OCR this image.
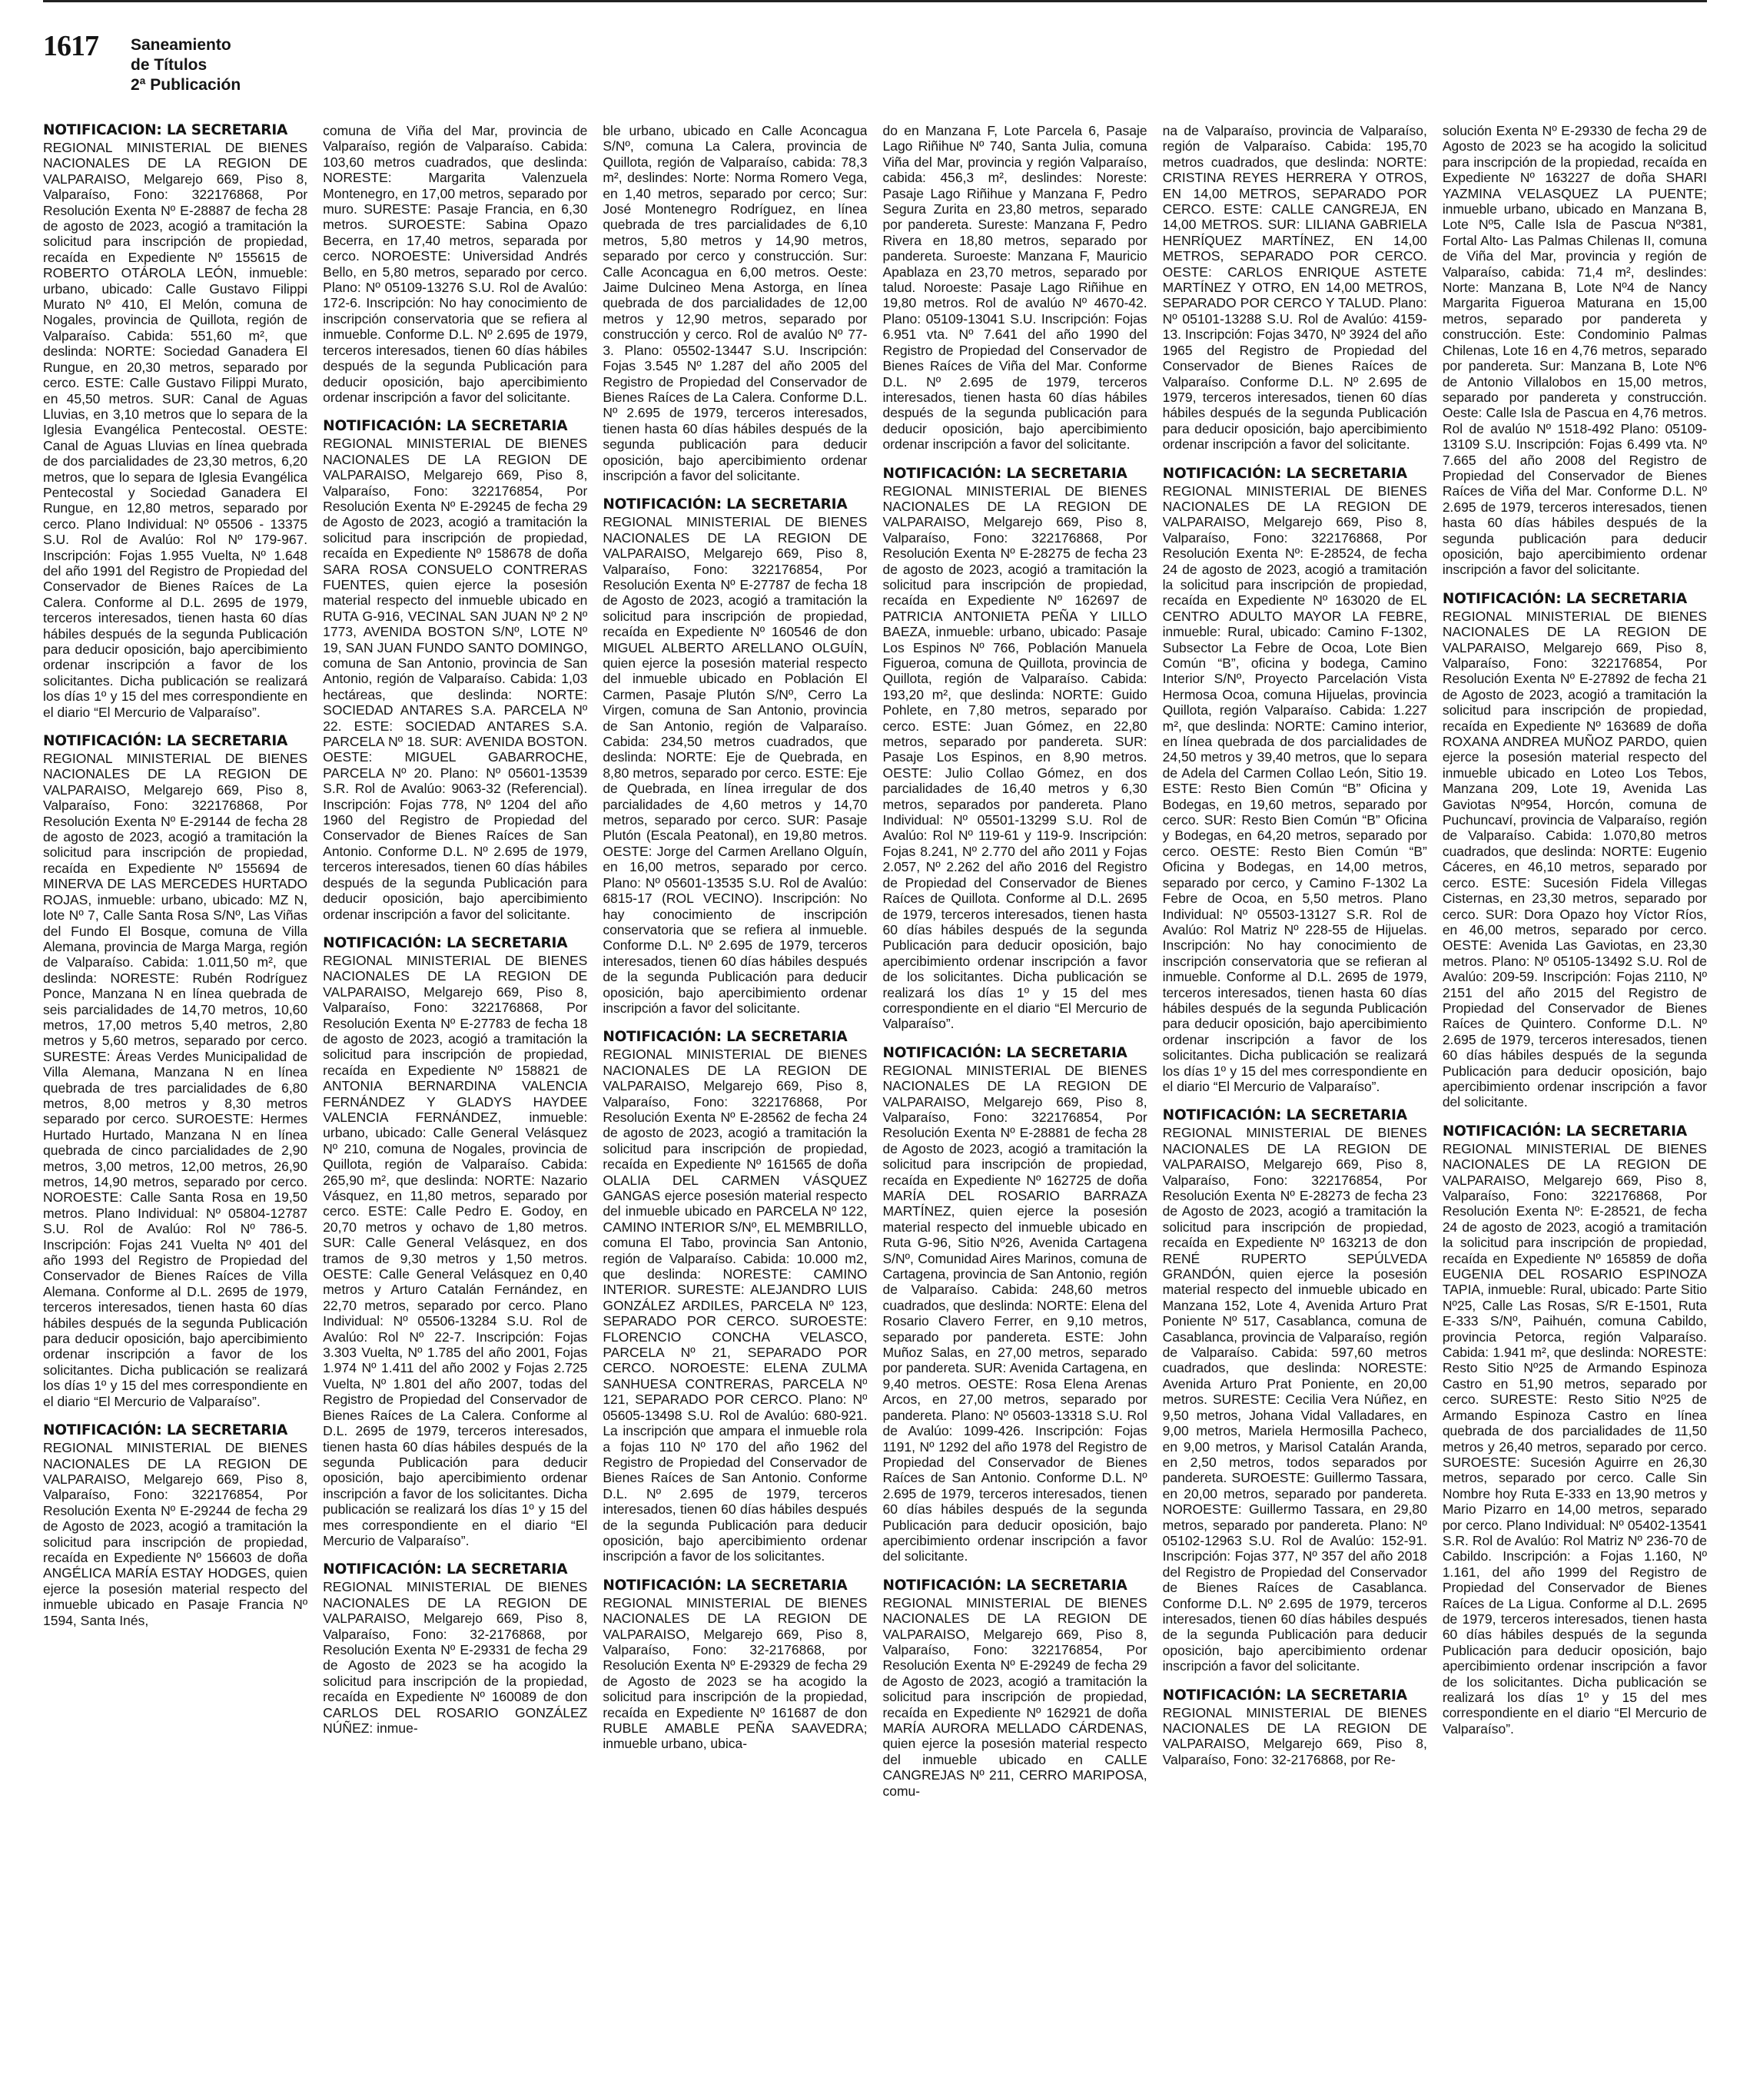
1617 Saneamiento
de Títulos
2ª Publicación
NOTIFICACIÓN: LA SECRETARIA

REGIONAL MINISTERIAL DE BIENES NACIONALES DE LA REGION DE VALPARAISO, Melgarejo 669, Piso 8, Valparaíso, Fono: 322176868, Por Resolución Exenta Nº E-28887 de fecha 28 de agosto de 2023, acogió a tramitación la solicitud para inscripción de propiedad, recaída en Expediente Nº 155615 de ROBERTO OTÁROLA LEÓN, inmueble: urbano, ubicado: Calle Gustavo Filippi Murato Nº 410, El Melón, comuna de Nogales, provincia de Quillota, región de Valparaíso. Cabida: 551,60 m², que deslinda: NORTE: Sociedad Ganadera El Rungue, en 20,30 metros, separado por cerco. ESTE: Calle Gustavo Filippi Murato, en 45,50 metros. SUR: Canal de Aguas Lluvias, en 3,10 metros que lo separa de la Iglesia Evangélica Pentecostal. OESTE: Canal de Aguas Lluvias en línea quebrada de dos parcialidades de 23,30 metros, 6,20 metros, que lo separa de Iglesia Evangélica Pentecostal y Sociedad Ganadera El Rungue, en 12,80 metros, separado por cerco. Plano Individual: Nº 05506 - 13375 S.U. Rol de Avalúo: Rol Nº 179-967. Inscripción: Fojas 1.955 Vuelta, Nº 1.648 del año 1991 del Registro de Propiedad del Conservador de Bienes Raíces de La Calera. Conforme al D.L. 2695 de 1979, terceros interesados, tienen hasta 60 días hábiles después de la segunda Publicación para deducir oposición, bajo apercibimiento ordenar inscripción a favor de los solicitantes. Dicha publicación se realizará los días 1º y 15 del mes correspondiente en el diario “El Mercurio de Valparaíso”.

NOTIFICACIÓN: LA SECRETARIA

REGIONAL MINISTERIAL DE BIENES NACIONALES DE LA REGION DE VALPARAISO, Melgarejo 669, Piso 8, Valparaíso, Fono: 322176868, Por Resolución Exenta Nº E-29144 de fecha 28 de agosto de 2023, acogió a tramitación la solicitud para inscripción de propiedad, recaída en Expediente Nº 155694 de MINERVA DE LAS MERCEDES HURTADO ROJAS, inmueble: urbano, ubicado: MZ N, lote Nº 7, Calle Santa Rosa S/Nº, Las Viñas del Fundo El Bosque, comuna de Villa Alemana, provincia de Marga Marga, región de Valparaíso. Cabida: 1.011,50 m², que deslinda: NORESTE: Rubén Rodríguez Ponce, Manzana N en línea quebrada de seis parcialidades de 14,70 metros, 10,60 metros, 17,00 metros 5,40 metros, 2,80 metros y 5,60 metros, separado por cerco. SURESTE: Áreas Verdes Municipalidad de Villa Alemana, Manzana N en línea quebrada de tres parcialidades de 6,80 metros, 8,00 metros y 8,30 metros separado por cerco. SUROESTE: Hermes Hurtado Hurtado, Manzana N en línea quebrada de cinco parcialidades de 2,90 metros, 3,00 metros, 12,00 metros, 26,90 metros, 14,90 metros, separado por cerco. NOROESTE: Calle Santa Rosa en 19,50 metros. Plano Individual: Nº 05804-12787 S.U. Rol de Avalúo: Rol Nº 786-5. Inscripción: Fojas 241 Vuelta Nº 401 del año 1993 del Registro de Propiedad del Conservador de Bienes Raíces de Villa Alemana. Conforme al D.L. 2695 de 1979, terceros interesados, tienen hasta 60 días hábiles después de la segunda Publicación para deducir oposición, bajo apercibimiento ordenar inscripción a favor de los solicitantes. Dicha publicación se realizará los días 1º y 15 del mes correspondiente en el diario “El Mercurio de Valparaíso”.

NOTIFICACIÓN: LA SECRETARIA

REGIONAL MINISTERIAL DE BIENES NACIONALES DE LA REGION DE VALPARAISO, Melgarejo 669, Piso 8, Valparaíso, Fono: 322176854, Por Resolución Exenta Nº E-29244 de fecha 29 de Agosto de 2023, acogió a tramitación la solicitud para inscripción de propiedad, recaída en Expediente Nº 156603 de doña ANGÉLICA MARÍA ESTAY HODGES, quien ejerce la posesión material respecto del inmueble ubicado en Pasaje Francia Nº 1594, Santa Inés,

comuna de Viña del Mar, provincia de Valparaíso, región de Valparaíso. Cabida: 103,60 metros cuadrados, que deslinda: NORESTE: Margarita Valenzuela Montenegro, en 17,00 metros, separado por muro. SURESTE: Pasaje Francia, en 6,30 metros. SUROESTE: Sabina Opazo Becerra, en 17,40 metros, separada por cerco. NOROESTE: Universidad Andrés Bello, en 5,80 metros, separado por cerco. Plano: Nº 05109-13276 S.U. Rol de Avalúo: 172-6. Inscripción: No hay conocimiento de inscripción conservatoria que se refiera al inmueble. Conforme D.L. Nº 2.695 de 1979, terceros interesados, tienen 60 días hábiles después de la segunda Publicación para deducir oposición, bajo apercibimiento ordenar inscripción a favor del solicitante.

NOTIFICACIÓN: LA SECRETARIA

REGIONAL MINISTERIAL DE BIENES NACIONALES DE LA REGION DE VALPARAISO, Melgarejo 669, Piso 8, Valparaíso, Fono: 322176854, Por Resolución Exenta Nº E-29245 de fecha 29 de Agosto de 2023, acogió a tramitación la solicitud para inscripción de propiedad, recaída en Expediente Nº 158678 de doña SARA ROSA CONSUELO CONTRERAS FUENTES, quien ejerce la posesión material respecto del inmueble ubicado en RUTA G-916, VECINAL SAN JUAN Nº 2 Nº 1773, AVENIDA BOSTON S/Nº, LOTE Nº 19, SAN JUAN FUNDO SANTO DOMINGO, comuna de San Antonio, provincia de San Antonio, región de Valparaíso. Cabida: 1,03 hectáreas, que deslinda: NORTE: SOCIEDAD ANTARES S.A. PARCELA Nº 22. ESTE: SOCIEDAD ANTARES S.A. PARCELA Nº 18. SUR: AVENIDA BOSTON. OESTE: MIGUEL GABARROCHE, PARCELA Nº 20. Plano: Nº 05601-13539 S.R. Rol de Avalúo: 9063-32 (Referencial). Inscripción: Fojas 778, Nº 1204 del año 1960 del Registro de Propiedad del Conservador de Bienes Raíces de San Antonio. Conforme D.L. Nº 2.695 de 1979, terceros interesados, tienen 60 días hábiles después de la segunda Publicación para deducir oposición, bajo apercibimiento ordenar inscripción a favor del solicitante.

NOTIFICACIÓN: LA SECRETARIA

REGIONAL MINISTERIAL DE BIENES NACIONALES DE LA REGION DE VALPARAISO, Melgarejo 669, Piso 8, Valparaíso, Fono: 322176868, Por Resolución Exenta Nº E-27783 de fecha 18 de agosto de 2023, acogió a tramitación la solicitud para inscripción de propiedad, recaída en Expediente Nº 158821 de ANTONIA BERNARDINA VALENCIA FERNÁNDEZ Y GLADYS HAYDEE VALENCIA FERNÁNDEZ, inmueble: urbano, ubicado: Calle General Velásquez Nº 210, comuna de Nogales, provincia de Quillota, región de Valparaíso. Cabida: 265,90 m², que deslinda: NORTE: Nazario Vásquez, en 11,80 metros, separado por cerco. ESTE: Calle Pedro E. Godoy, en 20,70 metros y ochavo de 1,80 metros. SUR: Calle General Velásquez, en dos tramos de 9,30 metros y 1,50 metros. OESTE: Calle General Velásquez en 0,40 metros y Arturo Catalán Fernández, en 22,70 metros, separado por cerco. Plano Individual: Nº 05506-13284 S.U. Rol de Avalúo: Rol Nº 22-7. Inscripción: Fojas 3.303 Vuelta, Nº 1.785 del año 2001, Fojas 1.974 Nº 1.411 del año 2002 y Fojas 2.725 Vuelta, Nº 1.801 del año 2007, todas del Registro de Propiedad del Conservador de Bienes Raíces de La Calera. Conforme al D.L. 2695 de 1979, terceros interesados, tienen hasta 60 días hábiles después de la segunda Publicación para deducir oposición, bajo apercibimiento ordenar inscripción a favor de los solicitantes. Dicha publicación se realizará los días 1º y 15 del mes correspondiente en el diario “El Mercurio de Valparaíso”.

NOTIFICACIÓN: LA SECRETARIA

REGIONAL MINISTERIAL DE BIENES NACIONALES DE LA REGION DE VALPARAISO, Melgarejo 669, Piso 8, Valparaíso, Fono: 32-2176868, por Resolución Exenta Nº E-29331 de fecha 29 de Agosto de 2023 se ha acogido la solicitud para inscripción de la propiedad, recaída en Expediente Nº 160089 de don CARLOS DEL ROSARIO GONZÁLEZ NÚÑEZ: inmue-

ble urbano, ubicado en Calle Aconcagua S/Nº, comuna La Calera, provincia de Quillota, región de Valparaíso, cabida: 78,3 m², deslindes: Norte: Norma Romero Vega, en 1,40 metros, separado por cerco; Sur: José Montenegro Rodríguez, en línea quebrada de tres parcialidades de 6,10 metros, 5,80 metros y 14,90 metros, separado por cerco y construcción. Sur: Calle Aconcagua en 6,00 metros. Oeste: Jaime Dulcineo Mena Astorga, en línea quebrada de dos parcialidades de 12,00 metros y 12,90 metros, separado por construcción y cerco. Rol de avalúo Nº 77-3. Plano: 05502-13447 S.U. Inscripción: Fojas 3.545 Nº 1.287 del año 2005 del Registro de Propiedad del Conservador de Bienes Raíces de La Calera. Conforme D.L. Nº 2.695 de 1979, terceros interesados, tienen hasta 60 días hábiles después de la segunda publicación para deducir oposición, bajo apercibimiento ordenar inscripción a favor del solicitante.

NOTIFICACIÓN: LA SECRETARIA

REGIONAL MINISTERIAL DE BIENES NACIONALES DE LA REGION DE VALPARAISO, Melgarejo 669, Piso 8, Valparaíso, Fono: 322176854, Por Resolución Exenta Nº E-27787 de fecha 18 de Agosto de 2023, acogió a tramitación la solicitud para inscripción de propiedad, recaída en Expediente Nº 160546 de don MIGUEL ALBERTO ARELLANO OLGUÍN, quien ejerce la posesión material respecto del inmueble ubicado en Población El Carmen, Pasaje Plutón S/Nº, Cerro La Virgen, comuna de San Antonio, provincia de San Antonio, región de Valparaíso. Cabida: 234,50 metros cuadrados, que deslinda: NORTE: Eje de Quebrada, en 8,80 metros, separado por cerco. ESTE: Eje de Quebrada, en línea irregular de dos parcialidades de 4,60 metros y 14,70 metros, separado por cerco. SUR: Pasaje Plutón (Escala Peatonal), en 19,80 metros. OESTE: Jorge del Carmen Arellano Olguín, en 16,00 metros, separado por cerco. Plano: Nº 05601-13535 S.U. Rol de Avalúo: 6815-17 (ROL VECINO). Inscripción: No hay conocimiento de inscripción conservatoria que se refiera al inmueble. Conforme D.L. Nº 2.695 de 1979, terceros interesados, tienen 60 días hábiles después de la segunda Publicación para deducir oposición, bajo apercibimiento ordenar inscripción a favor del solicitante.

NOTIFICACIÓN: LA SECRETARIA

REGIONAL MINISTERIAL DE BIENES NACIONALES DE LA REGION DE VALPARAISO, Melgarejo 669, Piso 8, Valparaíso, Fono: 322176868, Por Resolución Exenta Nº E-28562 de fecha 24 de agosto de 2023, acogió a tramitación la solicitud para inscripción de propiedad, recaída en Expediente Nº 161565 de doña OLALIA DEL CARMEN VÁSQUEZ GANGAS ejerce posesión material respecto del inmueble ubicado en PARCELA Nº 122, CAMINO INTERIOR S/Nº, EL MEMBRILLO, comuna El Tabo, provincia San Antonio, región de Valparaíso. Cabida: 10.000 m2, que deslinda: NORESTE: CAMINO INTERIOR. SURESTE: ALEJANDRO LUIS GONZÁLEZ ARDILES, PARCELA Nº 123, SEPARADO POR CERCO. SUROESTE: FLORENCIO CONCHA VELASCO, PARCELA Nº 21, SEPARADO POR CERCO. NOROESTE: ELENA ZULMA SANHUESA CONTRERAS, PARCELA Nº 121, SEPARADO POR CERCO. Plano: Nº 05605-13498 S.U. Rol de Avalúo: 680-921. La inscripción que ampara el inmueble rola a fojas 110 Nº 170 del año 1962 del Registro de Propiedad del Conservador de Bienes Raíces de San Antonio. Conforme D.L. Nº 2.695 de 1979, terceros interesados, tienen 60 días hábiles después de la segunda Publicación para deducir oposición, bajo apercibimiento ordenar inscripción a favor de los solicitantes.

NOTIFICACIÓN: LA SECRETARIA

REGIONAL MINISTERIAL DE BIENES NACIONALES DE LA REGION DE VALPARAISO, Melgarejo 669, Piso 8, Valparaíso, Fono: 32-2176868, por Resolución Exenta Nº E-29329 de fecha 29 de Agosto de 2023 se ha acogido la solicitud para inscripción de la propiedad, recaída en Expediente Nº 161687 de don RUBLE AMABLE PEÑA SAAVEDRA; inmueble urbano, ubica-

do en Manzana F, Lote Parcela 6, Pasaje Lago Riñihue Nº 740, Santa Julia, comuna Viña del Mar, provincia y región Valparaíso, cabida: 456,3 m², deslindes: Noreste: Pasaje Lago Riñihue y Manzana F, Pedro Segura Zurita en 23,80 metros, separado por pandereta. Sureste: Manzana F, Pedro Rivera en 18,80 metros, separado por pandereta. Suroeste: Manzana F, Mauricio Apablaza en 23,70 metros, separado por talud. Noroeste: Pasaje Lago Riñihue en 19,80 metros. Rol de avalúo Nº 4670-42. Plano: 05109-13041 S.U. Inscripción: Fojas 6.951 vta. Nº 7.641 del año 1990 del Registro de Propiedad del Conservador de Bienes Raíces de Viña del Mar. Conforme D.L. Nº 2.695 de 1979, terceros interesados, tienen hasta 60 días hábiles después de la segunda publicación para deducir oposición, bajo apercibimiento ordenar inscripción a favor del solicitante.

NOTIFICACIÓN: LA SECRETARIA

REGIONAL MINISTERIAL DE BIENES NACIONALES DE LA REGION DE VALPARAISO, Melgarejo 669, Piso 8, Valparaíso, Fono: 322176868, Por Resolución Exenta Nº E-28275 de fecha 23 de agosto de 2023, acogió a tramitación la solicitud para inscripción de propiedad, recaída en Expediente Nº 162697 de PATRICIA ANTONIETA PEÑA Y LILLO BAEZA, inmueble: urbano, ubicado: Pasaje Los Espinos Nº 766, Población Manuela Figueroa, comuna de Quillota, provincia de Quillota, región de Valparaíso. Cabida: 193,20 m², que deslinda: NORTE: Guido Pohlete, en 7,80 metros, separado por cerco. ESTE: Juan Gómez, en 22,80 metros, separado por pandereta. SUR: Pasaje Los Espinos, en 8,90 metros. OESTE: Julio Collao Gómez, en dos parcialidades de 16,40 metros y 6,30 metros, separados por pandereta. Plano Individual: Nº 05501-13299 S.U. Rol de Avalúo: Rol Nº 119-61 y 119-9. Inscripción: Fojas 8.241, Nº 2.770 del año 2011 y Fojas 2.057, Nº 2.262 del año 2016 del Registro de Propiedad del Conservador de Bienes Raíces de Quillota. Conforme al D.L. 2695 de 1979, terceros interesados, tienen hasta 60 días hábiles después de la segunda Publicación para deducir oposición, bajo apercibimiento ordenar inscripción a favor de los solicitantes. Dicha publicación se realizará los días 1º y 15 del mes correspondiente en el diario “El Mercurio de Valparaíso”.

NOTIFICACIÓN: LA SECRETARIA

REGIONAL MINISTERIAL DE BIENES NACIONALES DE LA REGION DE VALPARAISO, Melgarejo 669, Piso 8, Valparaíso, Fono: 322176854, Por Resolución Exenta Nº E-28881 de fecha 28 de Agosto de 2023, acogió a tramitación la solicitud para inscripción de propiedad, recaída en Expediente Nº 162725 de doña MARÍA DEL ROSARIO BARRAZA MARTÍNEZ, quien ejerce la posesión material respecto del inmueble ubicado en Ruta G-96, Sitio Nº26, Avenida Cartagena S/Nº, Comunidad Aires Marinos, comuna de Cartagena, provincia de San Antonio, región de Valparaíso. Cabida: 248,60 metros cuadrados, que deslinda: NORTE: Elena del Rosario Clavero Ferrer, en 9,10 metros, separado por pandereta. ESTE: John Muñoz Salas, en 27,00 metros, separado por pandereta. SUR: Avenida Cartagena, en 9,40 metros. OESTE: Rosa Elena Arenas Arcos, en 27,00 metros, separado por pandereta. Plano: Nº 05603-13318 S.U. Rol de Avalúo: 1099-426. Inscripción: Fojas 1191, Nº 1292 del año 1978 del Registro de Propiedad del Conservador de Bienes Raíces de San Antonio. Conforme D.L. Nº 2.695 de 1979, terceros interesados, tienen 60 días hábiles después de la segunda Publicación para deducir oposición, bajo apercibimiento ordenar inscripción a favor del solicitante.

NOTIFICACIÓN: LA SECRETARIA

REGIONAL MINISTERIAL DE BIENES NACIONALES DE LA REGION DE VALPARAISO, Melgarejo 669, Piso 8, Valparaíso, Fono: 322176854, Por Resolución Exenta Nº E-29249 de fecha 29 de Agosto de 2023, acogió a tramitación la solicitud para inscripción de propiedad, recaída en Expediente Nº 162921 de doña MARÍA AURORA MELLADO CÁRDENAS, quien ejerce la posesión material respecto del inmueble ubicado en CALLE CANGREJAS Nº 211, CERRO MARIPOSA, comu-

na de Valparaíso, provincia de Valparaíso, región de Valparaíso. Cabida: 195,70 metros cuadrados, que deslinda: NORTE: CRISTINA REYES HERRERA Y OTROS, EN 14,00 METROS, SEPARADO POR CERCO. ESTE: CALLE CANGREJA, EN 14,00 METROS. SUR: LILIANA GABRIELA HENRÍQUEZ MARTÍNEZ, EN 14,00 METROS, SEPARADO POR CERCO. OESTE: CARLOS ENRIQUE ASTETE MARTÍNEZ Y OTRO, EN 14,00 METROS, SEPARADO POR CERCO Y TALUD. Plano: Nº 05101-13288 S.U. Rol de Avalúo: 4159-13. Inscripción: Fojas 3470, Nº 3924 del año 1965 del Registro de Propiedad del Conservador de Bienes Raíces de Valparaíso. Conforme D.L. Nº 2.695 de 1979, terceros interesados, tienen 60 días hábiles después de la segunda Publicación para deducir oposición, bajo apercibimiento ordenar inscripción a favor del solicitante.

NOTIFICACIÓN: LA SECRETARIA

REGIONAL MINISTERIAL DE BIENES NACIONALES DE LA REGION DE VALPARAISO, Melgarejo 669, Piso 8, Valparaíso, Fono: 322176868, Por Resolución Exenta Nº: E-28524, de fecha 24 de agosto de 2023, acogió a tramitación la solicitud para inscripción de propiedad, recaída en Expediente Nº 163020 de EL CENTRO ADULTO MAYOR LA FEBRE, inmueble: Rural, ubicado: Camino F-1302, Subsector La Febre de Ocoa, Lote Bien Común “B”, oficina y bodega, Camino Interior S/Nº, Proyecto Parcelación Vista Hermosa Ocoa, comuna Hijuelas, provincia Quillota, región Valparaíso. Cabida: 1.227 m², que deslinda: NORTE: Camino interior, en línea quebrada de dos parcialidades de 24,50 metros y 39,40 metros, que lo separa de Adela del Carmen Collao León, Sitio 19. ESTE: Resto Bien Común “B” Oficina y Bodegas, en 19,60 metros, separado por cerco. SUR: Resto Bien Común “B” Oficina y Bodegas, en 64,20 metros, separado por cerco. OESTE: Resto Bien Común “B” Oficina y Bodegas, en 14,00 metros, separado por cerco, y Camino F-1302 La Febre de Ocoa, en 5,50 metros. Plano Individual: Nº 05503-13127 S.R. Rol de Avalúo: Rol Matriz Nº 228-55 de Hijuelas. Inscripción: No hay conocimiento de inscripción conservatoria que se refieran al inmueble. Conforme al D.L. 2695 de 1979, terceros interesados, tienen hasta 60 días hábiles después de la segunda Publicación para deducir oposición, bajo apercibimiento ordenar inscripción a favor de los solicitantes. Dicha publicación se realizará los días 1º y 15 del mes correspondiente en el diario “El Mercurio de Valparaíso”.

NOTIFICACIÓN: LA SECRETARIA

REGIONAL MINISTERIAL DE BIENES NACIONALES DE LA REGION DE VALPARAISO, Melgarejo 669, Piso 8, Valparaíso, Fono: 322176854, Por Resolución Exenta Nº E-28273 de fecha 23 de Agosto de 2023, acogió a tramitación la solicitud para inscripción de propiedad, recaída en Expediente Nº 163213 de don RENÉ RUPERTO SEPÚLVEDA GRANDÓN, quien ejerce la posesión material respecto del inmueble ubicado en Manzana 152, Lote 4, Avenida Arturo Prat Poniente Nº 517, Casablanca, comuna de Casablanca, provincia de Valparaíso, región de Valparaíso. Cabida: 597,60 metros cuadrados, que deslinda: NORESTE: Avenida Arturo Prat Poniente, en 20,00 metros. SURESTE: Cecilia Vera Núñez, en 9,50 metros, Johana Vidal Valladares, en 9,00 metros, Mariela Hermosilla Pacheco, en 9,00 metros, y Marisol Catalán Aranda, en 2,50 metros, todos separados por pandereta. SUROESTE: Guillermo Tassara, en 20,00 metros, separado por pandereta. NOROESTE: Guillermo Tassara, en 29,80 metros, separado por pandereta. Plano: Nº 05102-12963 S.U. Rol de Avalúo: 152-91. Inscripción: Fojas 377, Nº 357 del año 2018 del Registro de Propiedad del Conservador de Bienes Raíces de Casablanca. Conforme D.L. Nº 2.695 de 1979, terceros interesados, tienen 60 días hábiles después de la segunda Publicación para deducir oposición, bajo apercibimiento ordenar inscripción a favor del solicitante.

NOTIFICACIÓN: LA SECRETARIA

REGIONAL MINISTERIAL DE BIENES NACIONALES DE LA REGION DE VALPARAISO, Melgarejo 669, Piso 8, Valparaíso, Fono: 32-2176868, por Re-

solución Exenta Nº E-29330 de fecha 29 de Agosto de 2023 se ha acogido la solicitud para inscripción de la propiedad, recaída en Expediente Nº 163227 de doña SHARI YAZMINA VELASQUEZ LA PUENTE; inmueble urbano, ubicado en Manzana B, Lote Nº5, Calle Isla de Pascua Nº381, Fortal Alto- Las Palmas Chilenas II, comuna de Viña del Mar, provincia y región de Valparaíso, cabida: 71,4 m², deslindes: Norte: Manzana B, Lote Nº4 de Nancy Margarita Figueroa Maturana en 15,00 metros, separado por pandereta y construcción. Este: Condominio Palmas Chilenas, Lote 16 en 4,76 metros, separado por pandereta. Sur: Manzana B, Lote Nº6 de Antonio Villalobos en 15,00 metros, separado por pandereta y construcción. Oeste: Calle Isla de Pascua en 4,76 metros. Rol de avalúo Nº 1518-492 Plano: 05109-13109 S.U. Inscripción: Fojas 6.499 vta. Nº 7.665 del año 2008 del Registro de Propiedad del Conservador de Bienes Raíces de Viña del Mar. Conforme D.L. Nº 2.695 de 1979, terceros interesados, tienen hasta 60 días hábiles después de la segunda publicación para deducir oposición, bajo apercibimiento ordenar inscripción a favor del solicitante.

NOTIFICACIÓN: LA SECRETARIA

REGIONAL MINISTERIAL DE BIENES NACIONALES DE LA REGION DE VALPARAISO, Melgarejo 669, Piso 8, Valparaíso, Fono: 322176854, Por Resolución Exenta Nº E-27892 de fecha 21 de Agosto de 2023, acogió a tramitación la solicitud para inscripción de propiedad, recaída en Expediente Nº 163689 de doña ROXANA ANDREA MUÑOZ PARDO, quien ejerce la posesión material respecto del inmueble ubicado en Loteo Los Tebos, Manzana 209, Lote 19, Avenida Las Gaviotas Nº954, Horcón, comuna de Puchuncaví, provincia de Valparaíso, región de Valparaíso. Cabida: 1.070,80 metros cuadrados, que deslinda: NORTE: Eugenio Cáceres, en 46,10 metros, separado por cerco. ESTE: Sucesión Fidela Villegas Cisternas, en 23,30 metros, separado por cerco. SUR: Dora Opazo hoy Víctor Ríos, en 46,00 metros, separado por cerco. OESTE: Avenida Las Gaviotas, en 23,30 metros. Plano: Nº 05105-13492 S.U. Rol de Avalúo: 209-59. Inscripción: Fojas 2110, Nº 2151 del año 2015 del Registro de Propiedad del Conservador de Bienes Raíces de Quintero. Conforme D.L. Nº 2.695 de 1979, terceros interesados, tienen 60 días hábiles después de la segunda Publicación para deducir oposición, bajo apercibimiento ordenar inscripción a favor del solicitante.

NOTIFICACIÓN: LA SECRETARIA

REGIONAL MINISTERIAL DE BIENES NACIONALES DE LA REGION DE VALPARAISO, Melgarejo 669, Piso 8, Valparaíso, Fono: 322176868, Por Resolución Exenta Nº: E-28521, de fecha 24 de agosto de 2023, acogió a tramitación la solicitud para inscripción de propiedad, recaída en Expediente Nº 165859 de doña EUGENIA DEL ROSARIO ESPINOZA TAPIA, inmueble: Rural, ubicado: Parte Sitio Nº25, Calle Las Rosas, S/R E-1501, Ruta E-333 S/Nº, Paihuén, comuna Cabildo, provincia Petorca, región Valparaíso. Cabida: 1.941 m², que deslinda: NORESTE: Resto Sitio Nº25 de Armando Espinoza Castro en 51,90 metros, separado por cerco. SURESTE: Resto Sitio Nº25 de Armando Espinoza Castro en línea quebrada de dos parcialidades de 11,50 metros y 26,40 metros, separado por cerco. SUROESTE: Sucesión Aguirre en 26,30 metros, separado por cerco. Calle Sin Nombre hoy Ruta E-333 en 13,90 metros y Mario Pizarro en 14,00 metros, separado por cerco. Plano Individual: Nº 05402-13541 S.R. Rol de Avalúo: Rol Matriz Nº 236-70 de Cabildo. Inscripción: a Fojas 1.160, Nº 1.161, del año 1999 del Registro de Propiedad del Conservador de Bienes Raíces de La Ligua. Conforme al D.L. 2695 de 1979, terceros interesados, tienen hasta 60 días hábiles después de la segunda Publicación para deducir oposición, bajo apercibimiento ordenar inscripción a favor de los solicitantes. Dicha publicación se realizará los días 1º y 15 del mes correspondiente en el diario “El Mercurio de Valparaíso”.
